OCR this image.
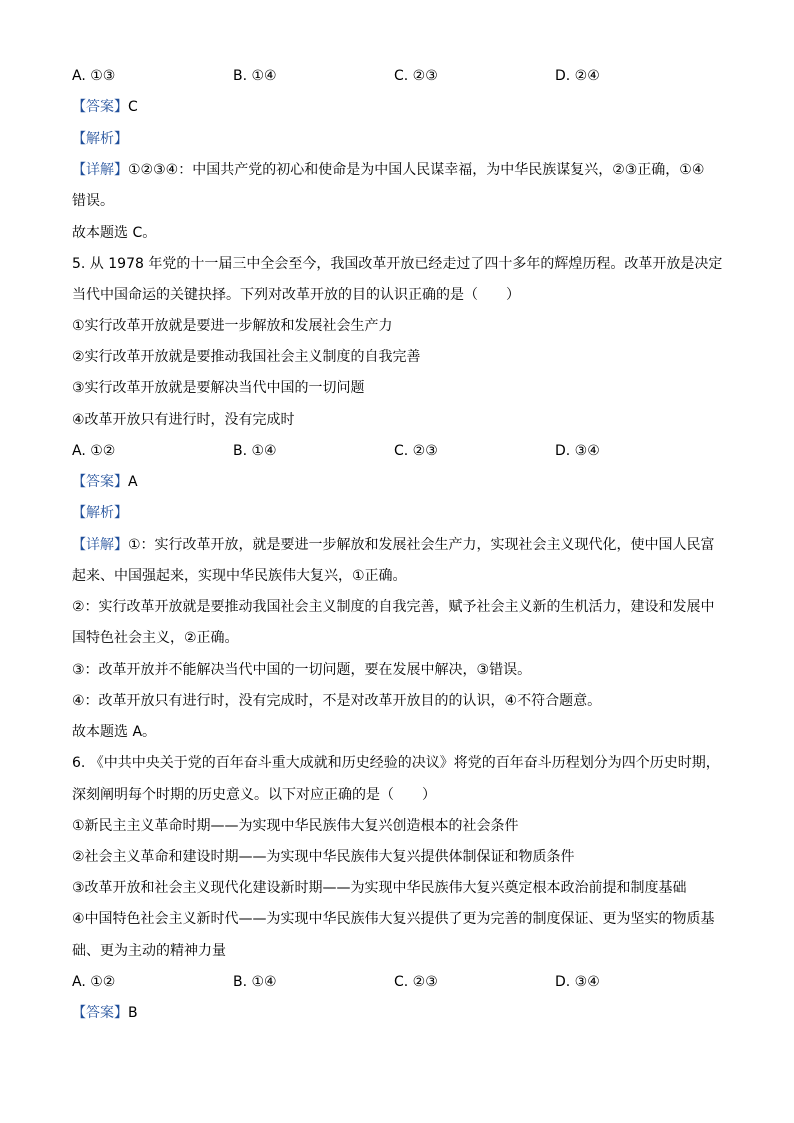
A. ①③	B. ①④	C. ②③	D. ②④
【答案】C
【解析】
【详解】①②③④：中国共产党的初心和使命是为中国人民谋幸福，为中华民族谋复兴，②③正确，①④
错误。
故本题选 C。
5. 从 1978 年党的十一届三中全会至今，我国改革开放已经走过了四十多年的辉煌历程。改革开放是决定
当代中国命运的关键抉择。下列对改革开放的目的认识正确的是（　　）
①实行改革开放就是要进一步解放和发展社会生产力
②实行改革开放就是要推动我国社会主义制度的自我完善
③实行改革开放就是要解决当代中国的一切问题
④改革开放只有进行时，没有完成时
A. ①②	B. ①④	C. ②③	D. ③④
【答案】A
【解析】
【详解】①：实行改革开放，就是要进一步解放和发展社会生产力，实现社会主义现代化，使中国人民富
起来、中国强起来，实现中华民族伟大复兴，①正确。
②：实行改革开放就是要推动我国社会主义制度的自我完善，赋予社会主义新的生机活力，建设和发展中
国特色社会主义，②正确。
③：改革开放并不能解决当代中国的一切问题，要在发展中解决，③错误。
④：改革开放只有进行时，没有完成时，不是对改革开放目的的认识，④不符合题意。
故本题选 A。
6. 《中共中央关于党的百年奋斗重大成就和历史经验的决议》将党的百年奋斗历程划分为四个历史时期，
深刻阐明每个时期的历史意义。以下对应正确的是（　　）
①新民主主义革命时期——为实现中华民族伟大复兴创造根本的社会条件
②社会主义革命和建设时期——为实现中华民族伟大复兴提供体制保证和物质条件
③改革开放和社会主义现代化建设新时期——为实现中华民族伟大复兴奠定根本政治前提和制度基础
④中国特色社会主义新时代——为实现中华民族伟大复兴提供了更为完善的制度保证、更为坚实的物质基
础、更为主动的精神力量
A. ①②	B. ①④	C. ②③	D. ③④
【答案】B
